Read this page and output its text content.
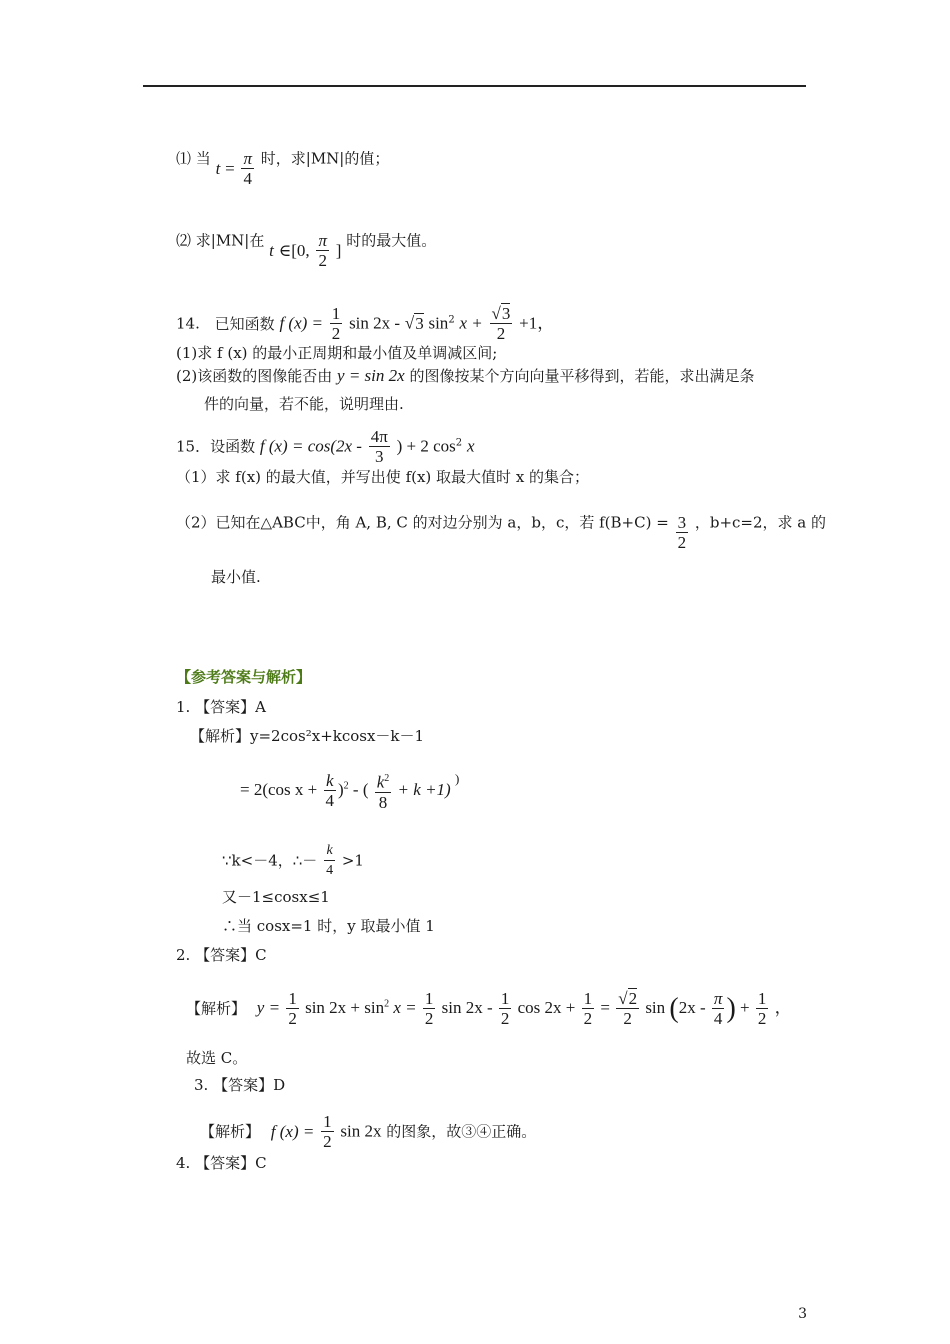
⑴ 当 $t = \frac{\pi}{4}$ 时，求|MN|的值；
⑵ 求|MN|在 t ∈[0, $\frac{\pi}{2}$ ] 时的最大值。
14. 已知函数 f $(x) = \frac{1}{2}$ sin 2x - √3 $\sin^2 x + \frac{√3}{2} +1$，
(1)求 f (x) 的最小正周期和最小值及单调减区间;
(2)该函数的图像能否由 y = sin 2x 的图像按某个方向向量平移得到，若能，求出满足条
件的向量，若不能，说明理由.
15．设函数 f $(x) = \cos(2x - \frac{4\pi}{3}$ ) + 2 $\cos^2 x$
（1）求 f(x) 的最大值，并写出使 f(x) 取最大值时 x 的集合；
（2）已知在△ABC中，角 A, B, C 的对边分别为 a，b，c，若 $f(B+C) = \frac{3}{2}$ ，b+c=2，求 a 的
最小值.
【参考答案与解析】
1. 【答案】A
【解析】y=2cos²x+kcosx－k－1
= 2(cos $x + \frac{k}{4} )^2$ - ( $\frac{k^2}{8} + k +1$) )
∵k<－4，∴－ $\frac{k}{4} >1$
又－1≤cosx≤1
∴当 cosx=1 时，y 取最小值 1
2. 【答案】C
【解析】 $y = \frac{1}{2}$ $\sin 2x + \sin^2 x = \frac{1}{2}$ $\sin 2x - \frac{1}{2}$ $\cos 2x + \frac{1}{2} = \frac{√2}{2}$ $\sin (2x - \frac{\pi}{4}$ ) + $\frac{1}{2}$ ，
故选 C。
3. 【答案】D
【解析】 f $(x) = \frac{1}{2}$ sin 2x 的图象，故③④正确。
4. 【答案】C
3
